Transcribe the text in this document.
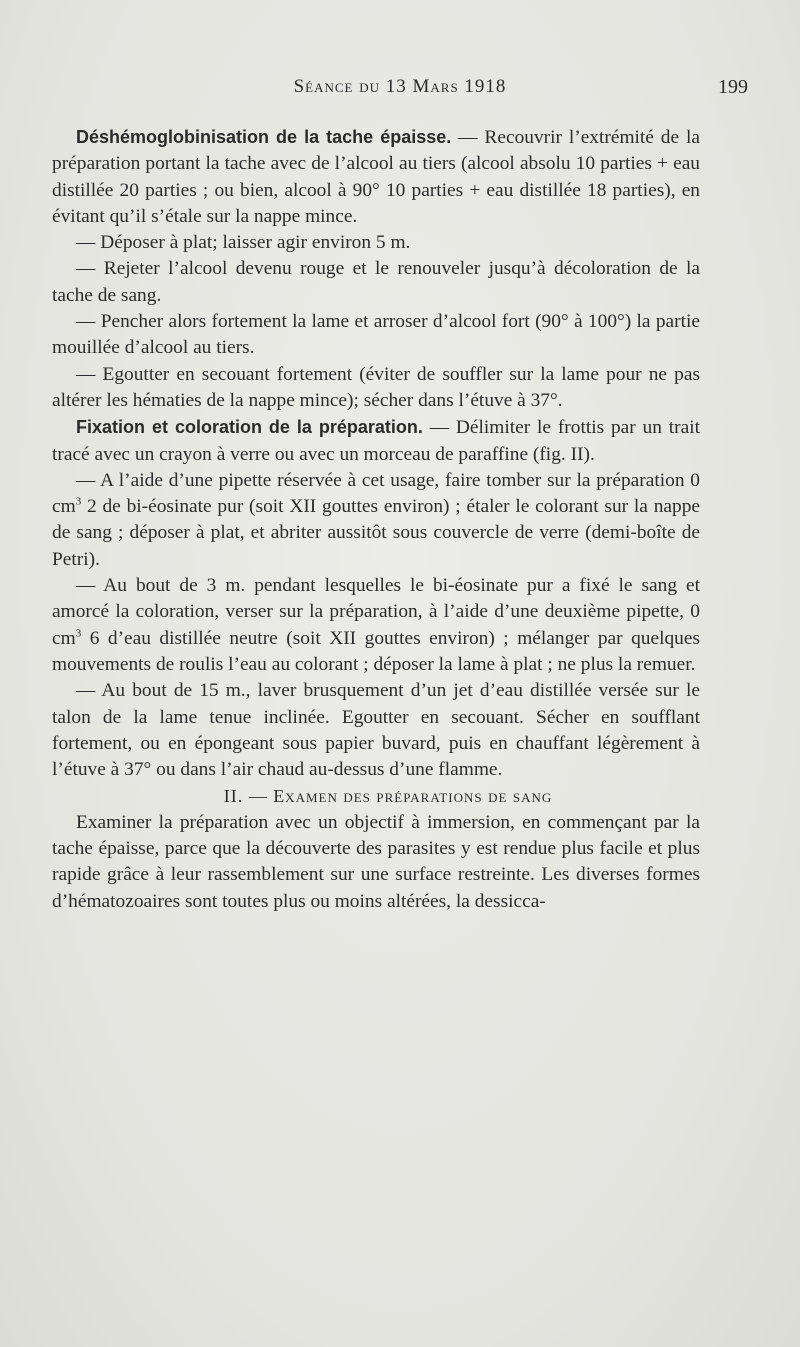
Séance du 13 Mars 1918	199

Déshémoglobinisation de la tache épaisse. — Recouvrir l’extrémité de la préparation portant la tache avec de l’alcool au tiers (alcool absolu 10 parties + eau distillée 20 parties ; ou bien, alcool à 90° 10 parties + eau distillée 18 parties), en évitant qu’il s’étale sur la nappe mince.

— Déposer à plat; laisser agir environ 5 m.

— Rejeter l’alcool devenu rouge et le renouveler jusqu’à décoloration de la tache de sang.

— Pencher alors fortement la lame et arroser d’alcool fort (90° à 100°) la partie mouillée d’alcool au tiers.

— Egoutter en secouant fortement (éviter de souffler sur la lame pour ne pas altérer les hématies de la nappe mince); sécher dans l’étuve à 37°.

Fixation et coloration de la préparation. — Délimiter le frottis par un trait tracé avec un crayon à verre ou avec un morceau de paraffine (fig. II).

— A l’aide d’une pipette réservée à cet usage, faire tomber sur la préparation 0 $cm^3$ 2 de bi-éosinate pur (soit XII gouttes environ) ; étaler le colorant sur la nappe de sang ; déposer à plat, et abriter aussitôt sous couvercle de verre (demi-boîte de Petri).

— Au bout de 3 m. pendant lesquelles le bi-éosinate pur a fixé le sang et amorcé la coloration, verser sur la préparation, à l’aide d’une deuxième pipette, 0 $cm^3$ 6 d’eau distillée neutre (soit XII gouttes environ) ; mélanger par quelques mouvements de roulis l’eau au colorant ; déposer la lame à plat ; ne plus la remuer.

— Au bout de 15 m., laver brusquement d’un jet d’eau distillée versée sur le talon de la lame tenue inclinée. Egoutter en secouant. Sécher en soufflant fortement, ou en épongeant sous papier buvard, puis en chauffant légèrement à l’étuve à 37° ou dans l’air chaud au-dessus d’une flamme.

II. — Examen des préparations de sang

Examiner la préparation avec un objectif à immersion, en commençant par la tache épaisse, parce que la découverte des parasites y est rendue plus facile et plus rapide grâce à leur rassemblement sur une surface restreinte. Les diverses formes d’hématozoaires sont toutes plus ou moins altérées, la dessicca-
